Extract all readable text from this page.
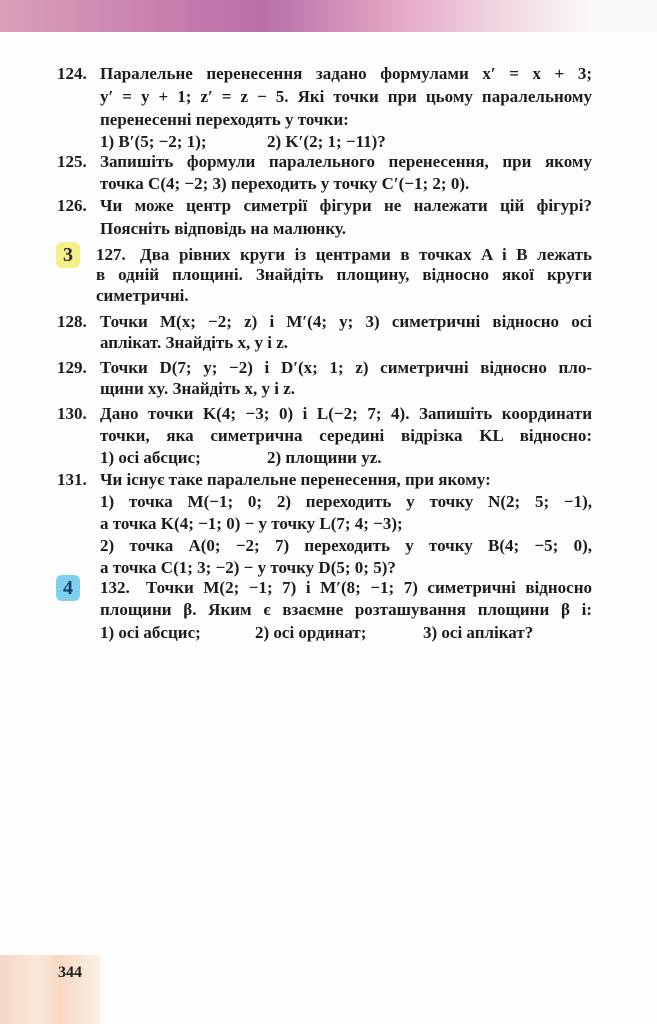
124. Паралельне перенесення задано формулами x′ = x + 3;
y′ = y + 1; z′ = z − 5. Які точки при цьому паралельному
перенесенні переходять у точки:
1) B′(5; −2; 1);	2) K′(2; 1; −11)?
125. Запишіть формули паралельного перенесення, при якому
точка C(4; −2; 3) переходить у точку C′(−1; 2; 0).
126. Чи може центр симетрії фігури не належати цій фігурі?
Поясніть відповідь на малюнку.
3	127. Два рівних круги із центрами в точках A і B лежать
в одній площині. Знайдіть площину, відносно якої круги
симетричні.
128. Точки M(x; −2; z) і M′(4; y; 3) симетричні відносно осі
аплікат. Знайдіть x, y і z.
129. Точки D(7; y; −2) і D′(x; 1; z) симетричні відносно пло-
щини xy. Знайдіть x, y і z.
130. Дано точки K(4; −3; 0) і L(−2; 7; 4). Запишіть координати
точки, яка симетрична середині відрізка KL відносно:
1) осі абсцис;	2) площини yz.
131. Чи існує таке паралельне перенесення, при якому:
1) точка M(−1; 0; 2) переходить у точку N(2; 5; −1),
а точка K(4; −1; 0) − у точку L(7; 4; −3);
2) точка A(0; −2; 7) переходить у точку B(4; −5; 0),
а точка C(1; 3; −2) − у точку D(5; 0; 5)?
4	132. Точки M(2; −1; 7) і M′(8; −1; 7) симетричні відносно
площини β. Яким є взаємне розташування площини β і:
1) осі абсцис;	2) осі ординат;	3) осі аплікат?
344
